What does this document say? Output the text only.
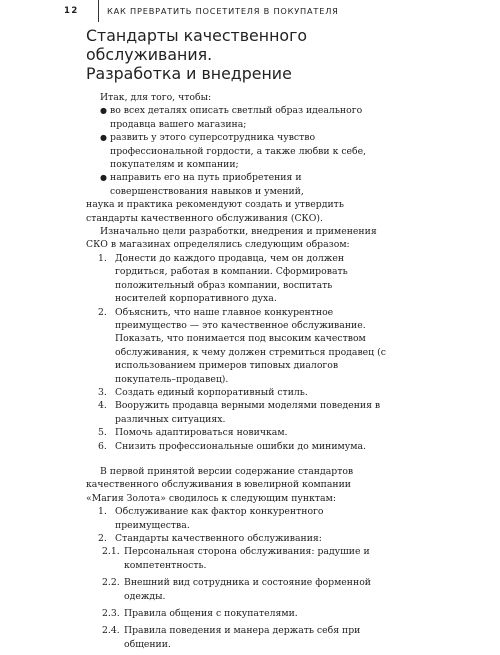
12	КАК ПРЕВРАТИТЬ ПОСЕТИТЕЛЯ В ПОКУПАТЕЛЯ
Стандарты качественного обслуживания.
Разработка и внедрение

Итак, для того, чтобы:

● во всех деталях описать светлый образ идеального продавца вашего магазина;
● развить у этого суперсотрудника чувство профессиональной гордости, а также любви к себе, покупателям и компании;
● направить его на путь приобретения и совершенствования навыков и умений,

наука и практика рекомендуют создать и утвердить стандарты качественного обслуживания (СКО).

Изначально цели разработки, внедрения и применения СКО в магазинах определялись следующим образом:

1. Донести до каждого продавца, чем он должен гордиться, работая в компании. Сформировать положительный образ компании, воспитать носителей корпоративного духа.
2. Объяснить, что наше главное конкурентное преимущество — это качественное обслуживание. Показать, что понимается под высоким качеством обслуживания, к чему должен стремиться продавец (с использованием примеров типовых диалогов покупатель–продавец).
3. Создать единый корпоративный стиль.
4. Вооружить продавца верными моделями поведения в различных ситуациях.
5. Помочь адаптироваться новичкам.
6. Снизить профессиональные ошибки до минимума.

В первой принятой версии содержание стандартов качественного обслуживания в ювелирной компании «Магия Золота» сводилось к следующим пунктам:

1. Обслуживание как фактор конкурентного преимущества.
2. Стандарты качественного обслуживания:
2.1. Персональная сторона обслуживания: радушие и компетентность.
2.2. Внешний вид сотрудника и состояние форменной одежды.
2.3. Правила общения с покупателями.
2.4. Правила поведения и манера держать себя при общении.
